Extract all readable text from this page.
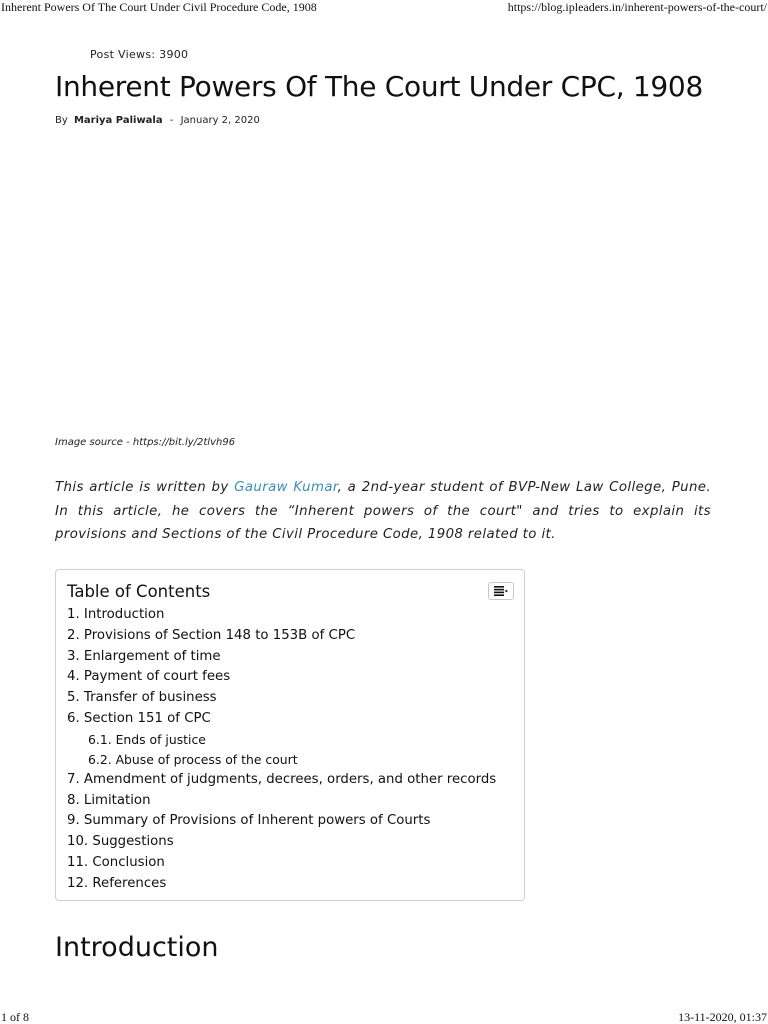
Inherent Powers Of The Court Under Civil Procedure Code, 1908	https://blog.ipleaders.in/inherent-powers-of-the-court/
Post Views: 3900
Inherent Powers Of The Court Under CPC, 1908
By Mariya Paliwala - January 2, 2020
Image source - https://bit.ly/2tlvh96

This article is written by Gauraw Kumar, a 2nd-year student of BVP-New Law College, Pune. In this article, he covers the “Inherent powers of the court" and tries to explain its provisions and Sections of the Civil Procedure Code, 1908 related to it.

Table of Contents
1. Introduction
2. Provisions of Section 148 to 153B of CPC
3. Enlargement of time
4. Payment of court fees
5. Transfer of business
6. Section 151 of CPC
6.1. Ends of justice
6.2. Abuse of process of the court
7. Amendment of judgments, decrees, orders, and other records
8. Limitation
9. Summary of Provisions of Inherent powers of Courts
10. Suggestions
11. Conclusion
12. References
Introduction
1 of 8	13-11-2020, 01:37
